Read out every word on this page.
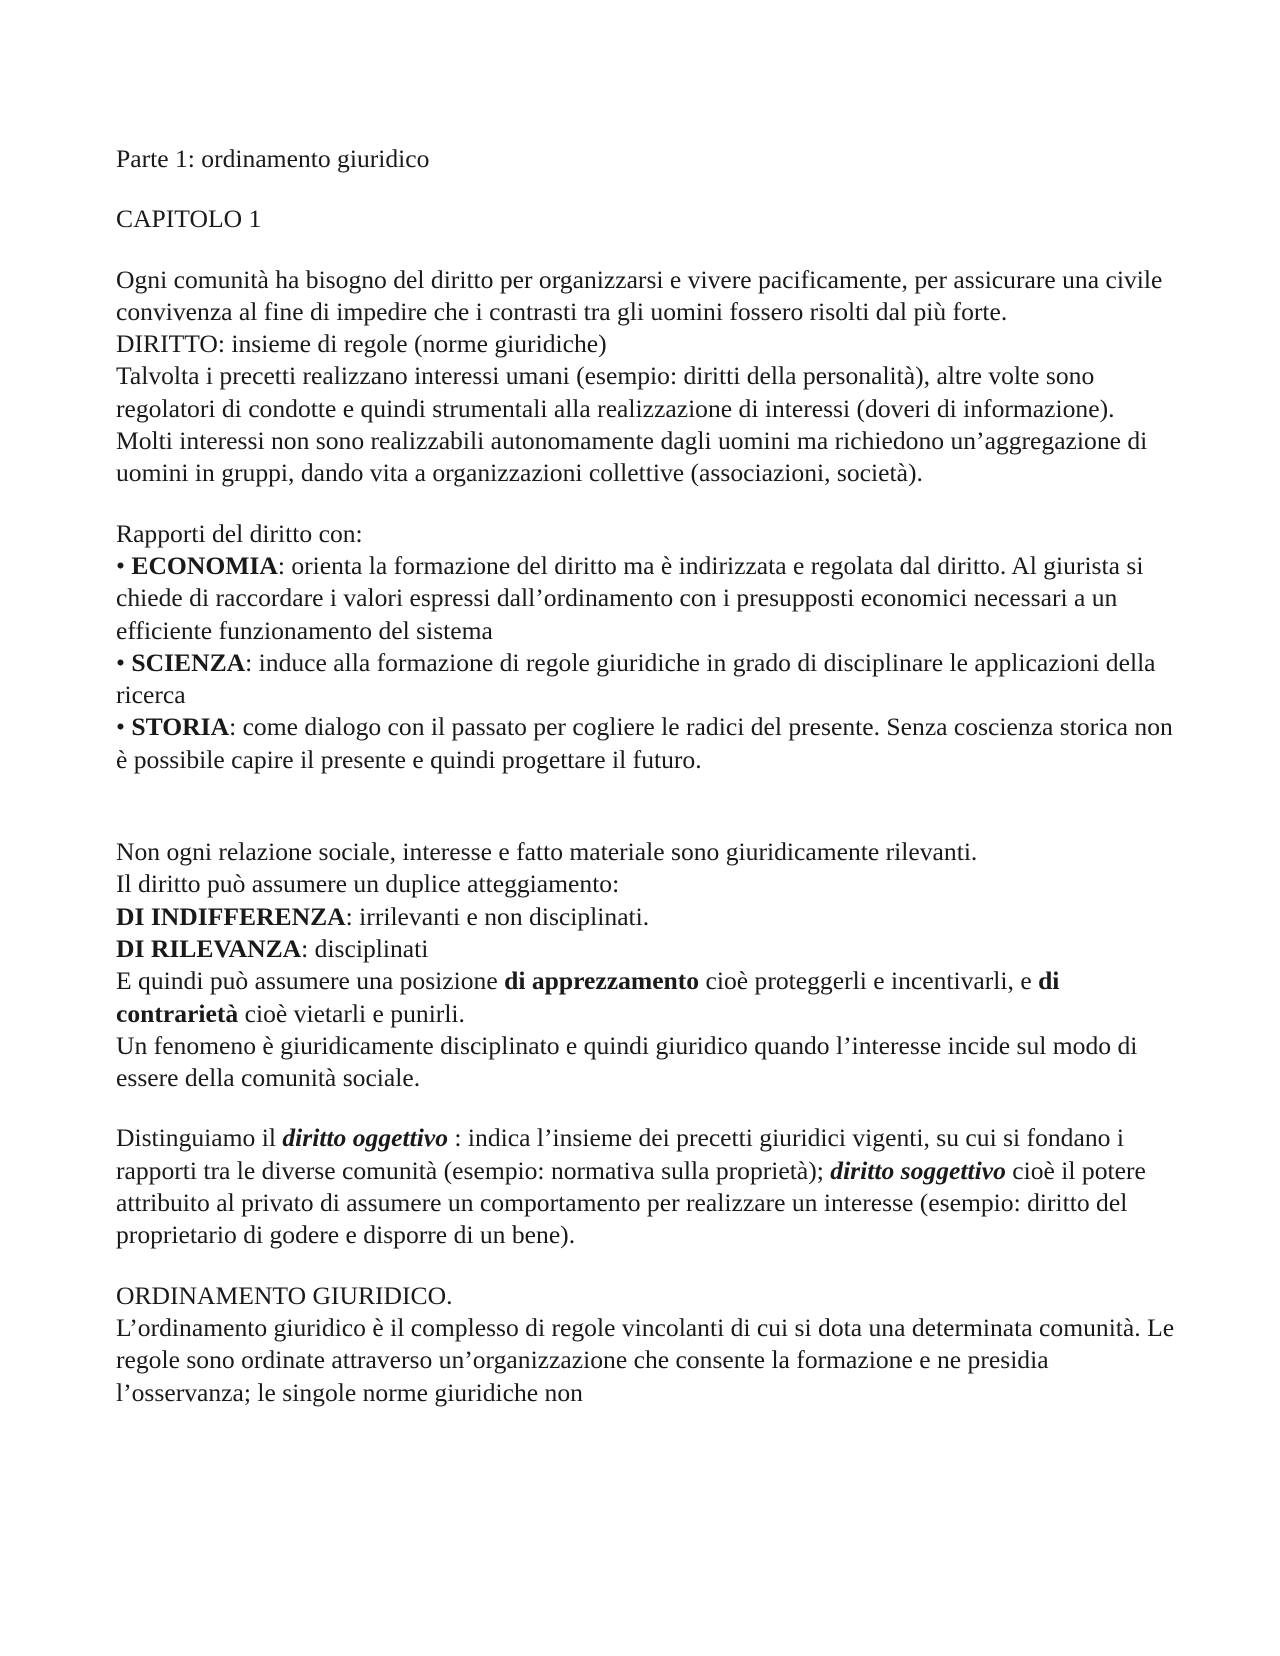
Parte 1: ordinamento giuridico

CAPITOLO 1

Ogni comunità ha bisogno del diritto per organizzarsi e vivere pacificamente, per assicurare una civile convivenza al fine di impedire che i contrasti tra gli uomini fossero risolti dal più forte.

DIRITTO: insieme di regole (norme giuridiche)

Talvolta i precetti realizzano interessi umani (esempio: diritti della personalità), altre volte sono regolatori di condotte e quindi strumentali alla realizzazione di interessi (doveri di informazione). Molti interessi non sono realizzabili autonomamente dagli uomini ma richiedono un’aggregazione di uomini in gruppi, dando vita a organizzazioni collettive (associazioni, società).

Rapporti del diritto con:

• ECONOMIA: orienta la formazione del diritto ma è indirizzata e regolata dal diritto. Al giurista si chiede di raccordare i valori espressi dall’ordinamento con i presupposti economici necessari a un efficiente funzionamento del sistema

• SCIENZA: induce alla formazione di regole giuridiche in grado di disciplinare le applicazioni della ricerca

• STORIA: come dialogo con il passato per cogliere le radici del presente. Senza coscienza storica non è possibile capire il presente e quindi progettare il futuro.

Non ogni relazione sociale, interesse e fatto materiale sono giuridicamente rilevanti.

Il diritto può assumere un duplice atteggiamento:

DI INDIFFERENZA: irrilevanti e non disciplinati.

DI RILEVANZA: disciplinati

E quindi può assumere una posizione di apprezzamento cioè proteggerli e incentivarli, e di contrarietà cioè vietarli e punirli.

Un fenomeno è giuridicamente disciplinato e quindi giuridico quando l’interesse incide sul modo di essere della comunità sociale.

Distinguiamo il diritto oggettivo : indica l’insieme dei precetti giuridici vigenti, su cui si fondano i rapporti tra le diverse comunità (esempio: normativa sulla proprietà); diritto soggettivo cioè il potere attribuito al privato di assumere un comportamento per realizzare un interesse (esempio: diritto del proprietario di godere e disporre di un bene).

ORDINAMENTO GIURIDICO.

L’ordinamento giuridico è il complesso di regole vincolanti di cui si dota una determinata comunità. Le regole sono ordinate attraverso un’organizzazione che consente la formazione e ne presidia l’osservanza; le singole norme giuridiche non
